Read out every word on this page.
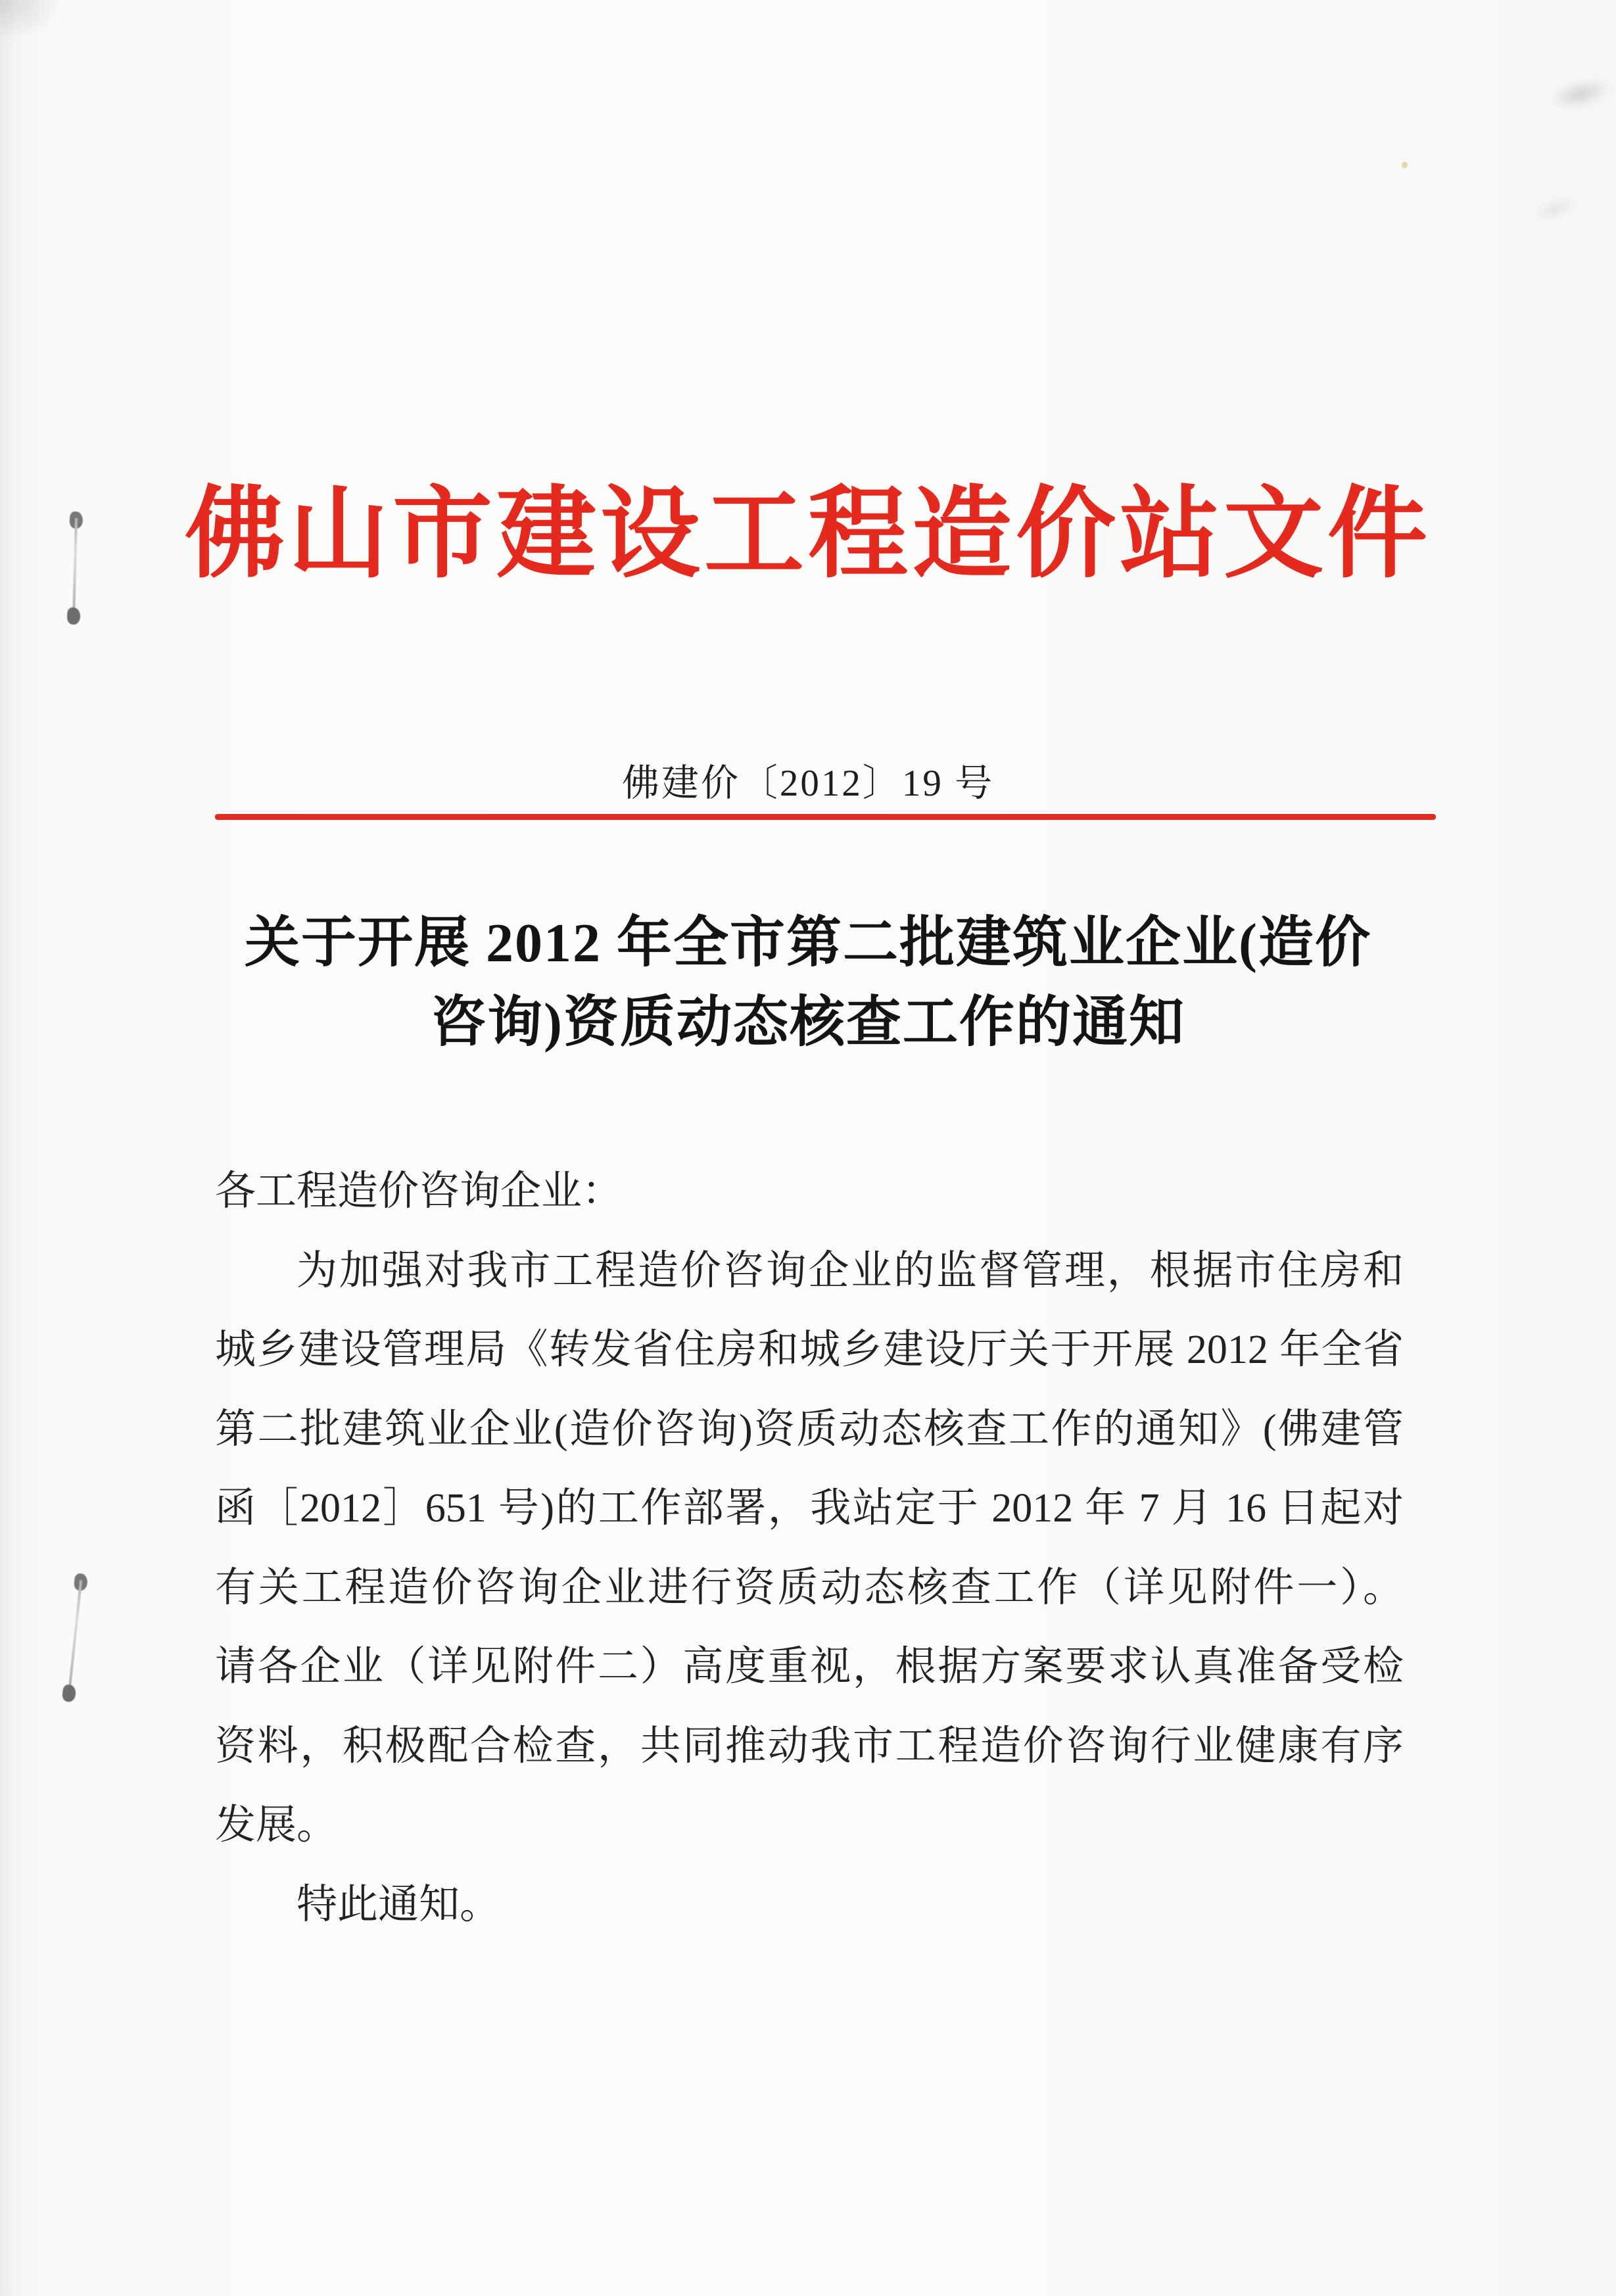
佛山市建设工程造价站文件
佛建价〔2012〕19 号
关于开展 2012 年全市第二批建筑业企业(造价
咨询)资质动态核查工作的通知
各工程造价咨询企业：
为加强对我市工程造价咨询企业的监督管理，根据市住房和
城乡建设管理局《转发省住房和城乡建设厅关于开展 2012 年全省
第二批建筑业企业(造价咨询)资质动态核查工作的通知》(佛建管
函［2012］651 号)的工作部署，我站定于 2012 年 7 月 16 日起对
有关工程造价咨询企业进行资质动态核查工作（详见附件一）。
请各企业（详见附件二）高度重视，根据方案要求认真准备受检
资料，积极配合检查，共同推动我市工程造价咨询行业健康有序
发展。
特此通知。
